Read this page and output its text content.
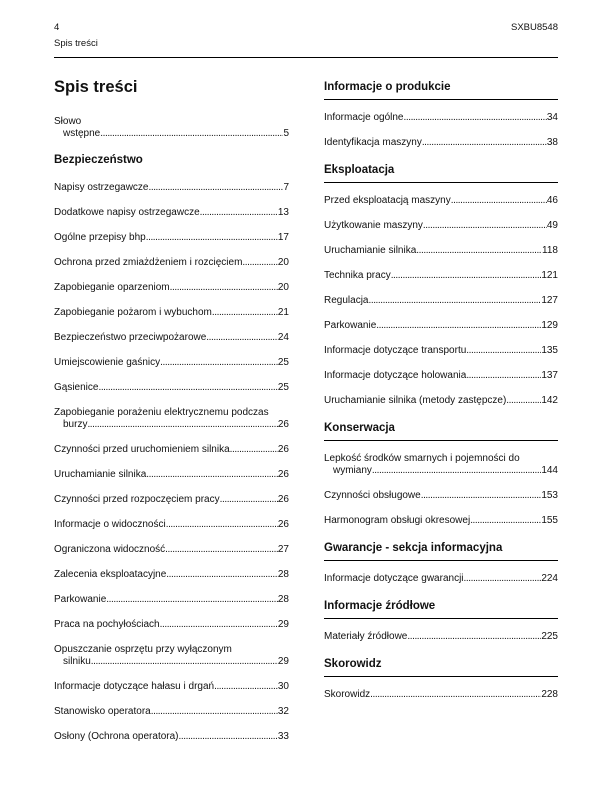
4	SXBU8548
Spis treści
Spis treści
Słowo
wstępne . . .	5
Bezpieczeństwo
Napisy ostrzegawcze . . .	7
Dodatkowe napisy ostrzegawcze . . .	13
Ogólne przepisy bhp . . .	17
Ochrona przed zmiażdżeniem i rozcięciem . . .	20
Zapobieganie oparzeniom . . .	20
Zapobieganie pożarom i wybuchom . . .	21
Bezpieczeństwo przeciwpożarowe . . .	24
Umiejscowienie gaśnicy . . .	25
Gąsienice . . .	25
Zapobieganie porażeniu elektrycznemu podczas
burzy . . .	26
Czynności przed uruchomieniem silnika . . .	26
Uruchamianie silnika . . .	26
Czynności przed rozpoczęciem pracy . . .	26
Informacje o widoczności . . .	26
Ograniczona widoczność . . .	27
Zalecenia eksploatacyjne . . .	28
Parkowanie . . .	28
Praca na pochyłościach . . .	29
Opuszczanie osprzętu przy wyłączonym
silniku . . .	29
Informacje dotyczące hałasu i drgań . . .	30
Stanowisko operatora . . .	32
Osłony (Ochrona operatora) . . .	33
Informacje o produkcie
Informacje ogólne . . .	34
Identyfikacja maszyny . . .	38
Eksploatacja
Przed eksploatacją maszyny . . .	46
Użytkowanie maszyny . . .	49
Uruchamianie silnika . . .	118
Technika pracy . . .	121
Regulacja . . .	127
Parkowanie . . .	129
Informacje dotyczące transportu . . .	135
Informacje dotyczące holowania . . .	137
Uruchamianie silnika (metody zastępcze) . . .	142
Konserwacja
Lepkość środków smarnych i pojemności do
wymiany . . .	144
Czynności obsługowe . . .	153
Harmonogram obsługi okresowej . . .	155
Gwarancje - sekcja informacyjna
Informacje dotyczące gwarancji . . .	224
Informacje źródłowe
Materiały źródłowe . . .	225
Skorowidz
Skorowidz . . .	228
